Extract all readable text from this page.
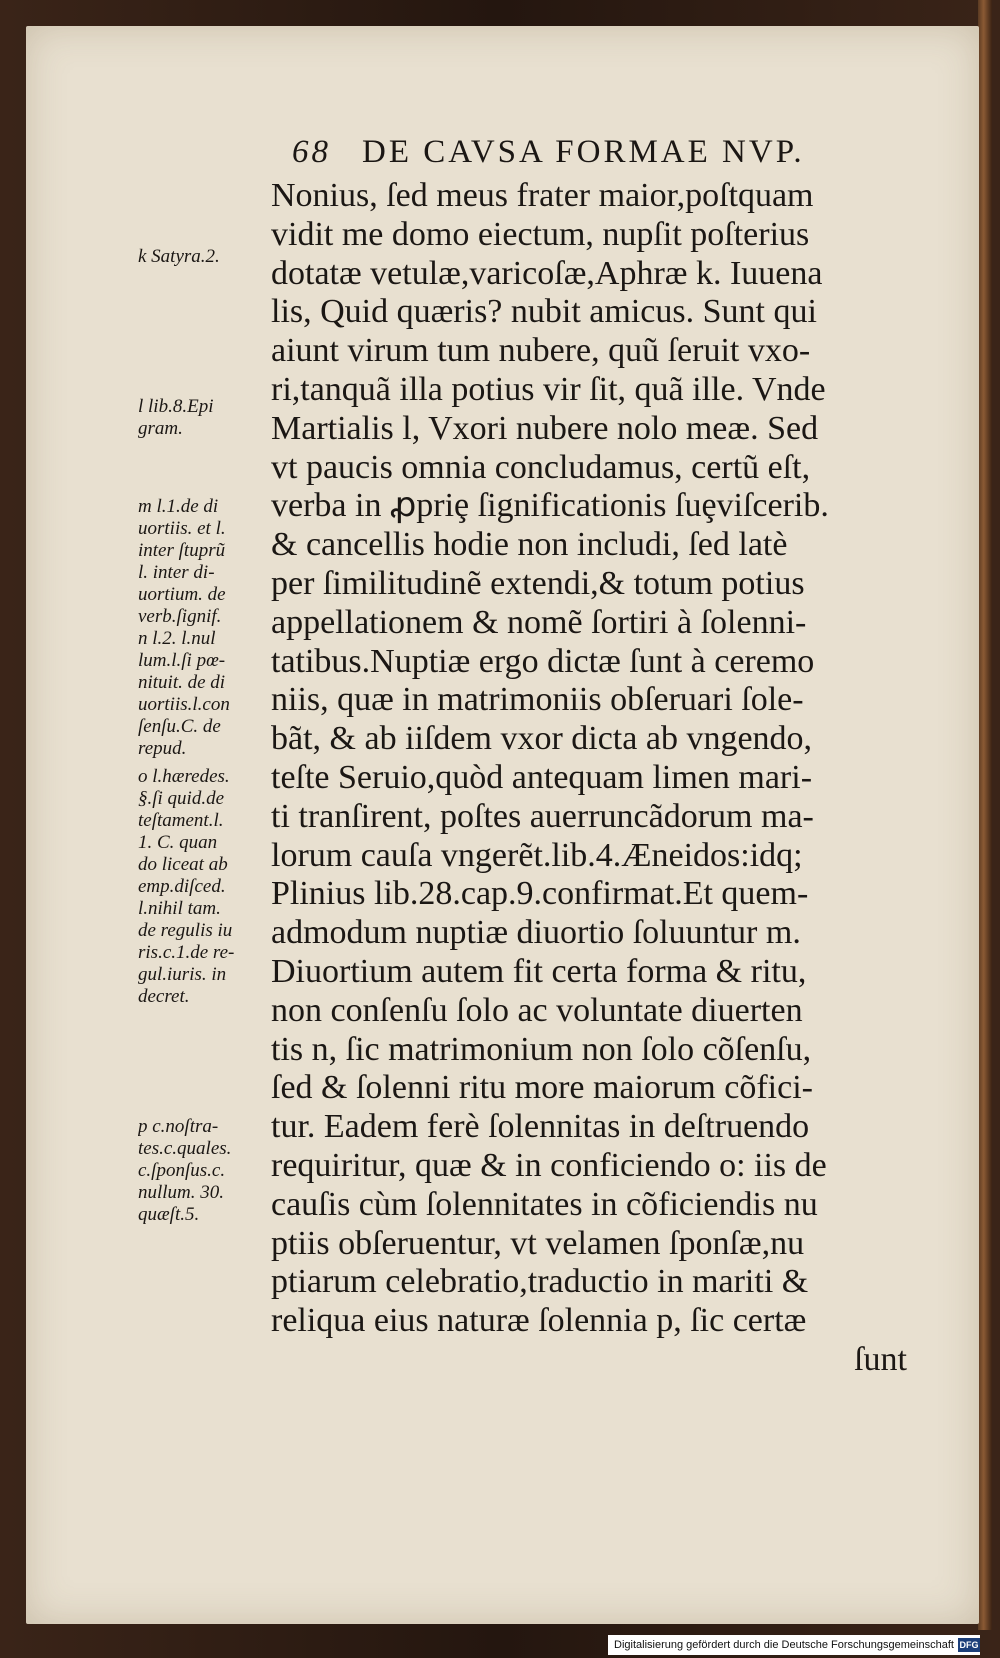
68 DE CAVSA FORMAE NVP.
Nonius, ſed meus frater maior,poſtquam
vidit me domo eiectum, nupſit poſterius
dotatæ vetulæ,varicoſæ,Aphræ k. Iuuena
lis, Quid quæris? nubit amicus. Sunt qui
aiunt virum tum nubere, quũ ſeruit vxo-
ri,tanquã illa potius vir ſit, quã ille. Vnde
Martialis l, Vxori nubere nolo meæ. Sed
vt paucis omnia concludamus, certũ eſt,
verba in ꝓpriȩ ſignificationis ſuȩviſcerib.
& cancellis hodie non includi, ſed latè
per ſimilitudinẽ extendi,& totum potius
appellationem & nomẽ ſortiri à ſolenni-
tatibus.Nuptiæ ergo dictæ ſunt à ceremo
niis, quæ in matrimoniis obſeruari ſole-
bãt, & ab iiſdem vxor dicta ab vngendo,
teſte Seruio,quòd antequam limen mari-
ti tranſirent, poſtes auerruncãdorum ma-
lorum cauſa vngerẽt.lib.4.Æneidos:idq;
Plinius lib.28.cap.9.confirmat.Et quem-
admodum nuptiæ diuortio ſoluuntur m.
Diuortium autem fit certa forma & ritu,
non conſenſu ſolo ac voluntate diuerten
tis n, ſic matrimonium non ſolo cõſenſu,
ſed & ſolenni ritu more maiorum cõfici-
tur. Eadem ferè ſolennitas in deſtruendo
requiritur, quæ & in conficiendo o: iis de
cauſis cùm ſolennitates in cõficiendis nu
ptiis obſeruentur, vt velamen ſponſæ,nu
ptiarum celebratio,traductio in mariti &
reliqua eius naturæ ſolennia p, ſic certæ
ſunt
k Satyra.2.
l lib.8.Epi
gram.
m l.1.de di
uortiis. et l.
inter ſtuprũ
l. inter di-
uortium. de
verb.ſignif.
n l.2. l.nul
lum.l.ſi pœ-
nituit. de di
uortiis.l.con
ſenſu.C. de
repud.
o l.hæredes.
§.ſi quid.de
teſtament.l.
1. C. quan
do liceat ab
emp.diſced.
l.nihil tam.
de regulis iu
ris.c.1.de re-
gul.iuris. in
decret.
p c.noſtra-
tes.c.quales.
c.ſponſus.c.
nullum. 30.
quæſt.5.
Digitalisierung gefördert durch die Deutsche Forschungsgemeinschaft DFG
